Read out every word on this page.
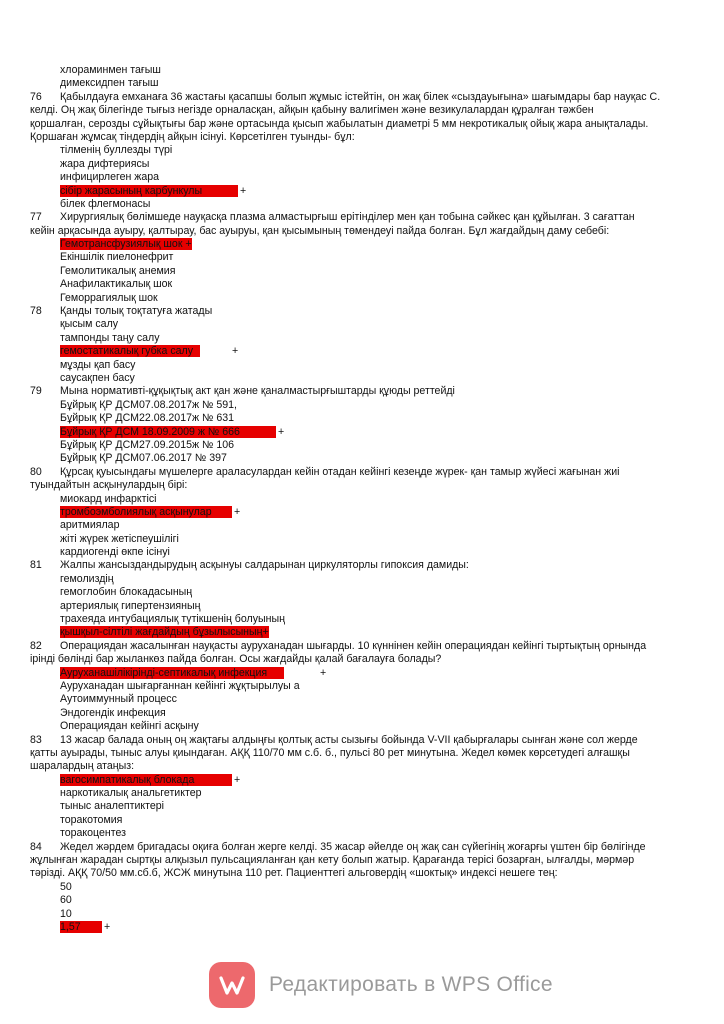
хлораминмен тағыш
димексидпен тағыш
76 Қабылдауға емханаға 36 жастағы қасапшы болып жұмыс істейтін, он жақ білек «сыздауығына» шағымдары бар науқас С.
келді. Оң жақ білегінде тығыз негізде орналасқан, айқын қабыну валигімен және везикулалардан құралған тәжбен
қоршалған, серозды сұйықтығы бар және ортасында қысып жабылатын диаметрі 5 мм некротикалық ойық жара анықталады.
Қоршаған жұмсақ тіндердің айқын ісінуі. Көрсетілген туынды- бұл:
тілменің буллезды түрі
жара дифтериясы
инфицирлеген жара
сібір жарасының карбункулы	+
білек флегмонасы
77 Хирургиялық бөлімшеде науқасқа плазма алмастырғыш ерітінділер мен қан тобына сәйкес қан құйылған. 3 сағаттан
кейін арқасында ауыру, қалтырау, бас ауыруы, қан қысымының төмендеуі пайда болған. Бұл жағдайдың даму себебі:
Гемотрансфузиялық шок +
Екіншілік пиелонефрит
Гемолитикалық анемия
Анафилактикалық шок
Геморрагиялық шок
78 Қанды толық тоқтатуға жатады
қысым салу
тампонды таңу салу
гемостатикалық губка салу	+
мұзды қап басу
саусақпен басу
79 Мына нормативті-құқықтық акт қан және қаналмастырғыштарды құюды реттейді
Бұйрық ҚР ДСМ07.08.2017ж № 591,
Бұйрық ҚР ДСМ22.08.2017ж № 631
Бұйрық ҚР ДСМ 18.09.2009 ж № 666	+
Бұйрық ҚР ДСМ27.09.2015ж № 106
Бұйрық ҚР ДСМ07.06.2017 № 397
80 Құрсақ қуысындағы мүшелерге араласулардан кейін отадан кейінгі кезеңде жүрек- қан тамыр жүйесі жағынан жиі
туындайтын асқынулардың бірі:
миокард инфарктісі
тромбоэмболиялық асқынулар +
аритмиялар
жіті жүрек жетіспеушілігі
кардиогенді өкпе ісінуі
81 Жалпы жансыздандырудың асқынуы салдарынан циркуляторлы гипоксия дамиды:
гемолиздің
гемоглобин блокадасының
артериялық гипертензияның
трахеяда интубациялық түтікшенің болуының
қышқыл-сілтілі жағдайдың бұзылысының+
82 Операциядан жасалынған науқасты ауруханадан шығарды. 10 күннінен кейін операциядан кейінгі тыртықтың орнында
ірінді бөлінді бар жыланкөз пайда болған. Осы жағдайды қалай бағалауға болады?
Ауруханашілікірінді-септикалық инфекция	+
Ауруханадан шығарғаннан кейінгі жұқтырылуы а
Аутоиммунный процесс
Эндогендік инфекция
Операциядан кейінгі асқыну
83 13 жасар балада оның оң жақтағы алдыңғы қолтық асты сызығы бойында V-VII қабырғалары сынған және сол жерде
қатты ауырады, тыныс алуы қиындаған. АҚҚ 110/70 мм с.б. б., пульсі 80 рет минутына. Жедел көмек көрсетудегі алғашқы
шаралардың атаңыз:
вагосимпатикалық блокада	+
наркотикалық анальгетиктер
тыныс аналептиктері
торакотомия
торакоцентез
84 Жедел жәрдем бригадасы оқиға болған жерге келді. 35 жасар әйелде оң жақ сан сүйегінің жоғарғы үштен бір бөлігінде
жұлынған жарадан сыртқы алқызыл пульсацияланған қан кету болып жатыр. Қарағанда терісі бозарған, ылғалды, мәрмәр
тәрізді. АҚҚ 70/50 мм.сб.б, ЖСЖ минутына 110 рет. Пациенттегі альговердің «шоктық» индексі нешеге тең:
50
60
10
1,57 +
Редактировать в WPS Office
